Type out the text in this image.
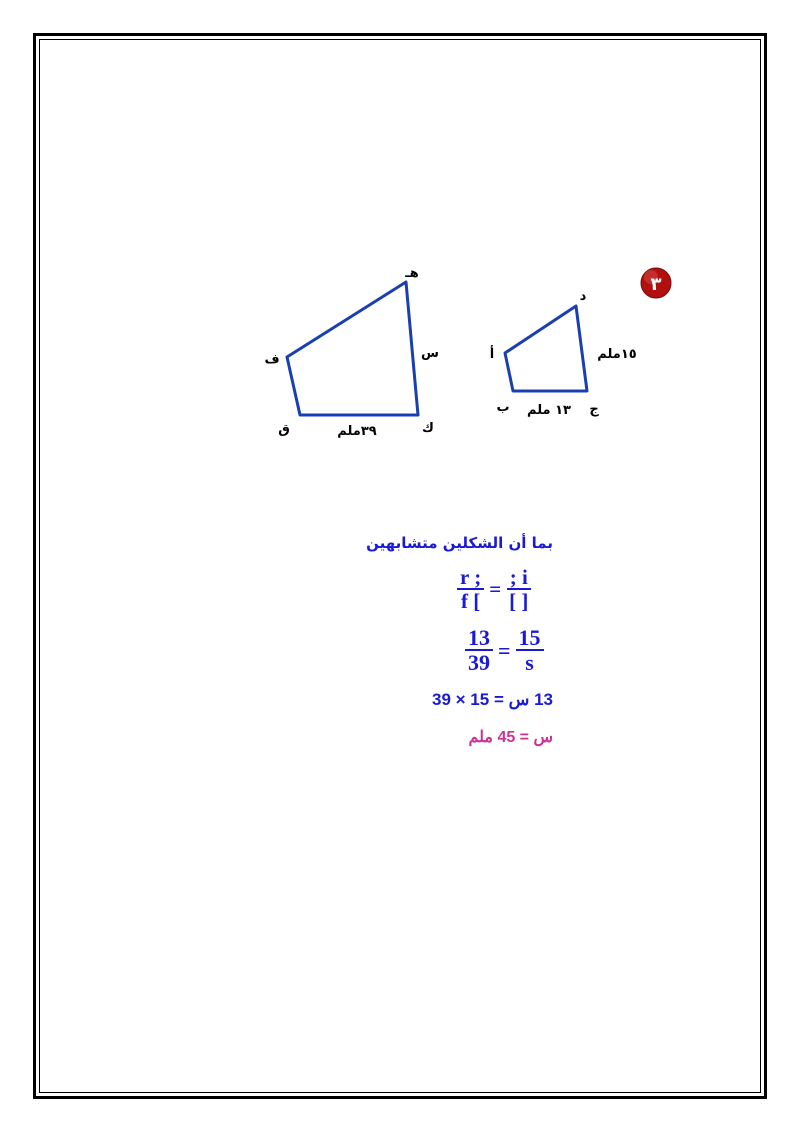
٣
أ
د
ب	ج
١٥ملم
١٣ ملم
هـ
ف
ق	ك
س
٣٩ملم
بما أن الشكلين متشابهين
$\frac{r ;}{f [} = \frac{; i}{[ ]}$
$\frac{13}{39} = \frac{15}{s}$
13 س = 15 × 39
س = 45 ملم
